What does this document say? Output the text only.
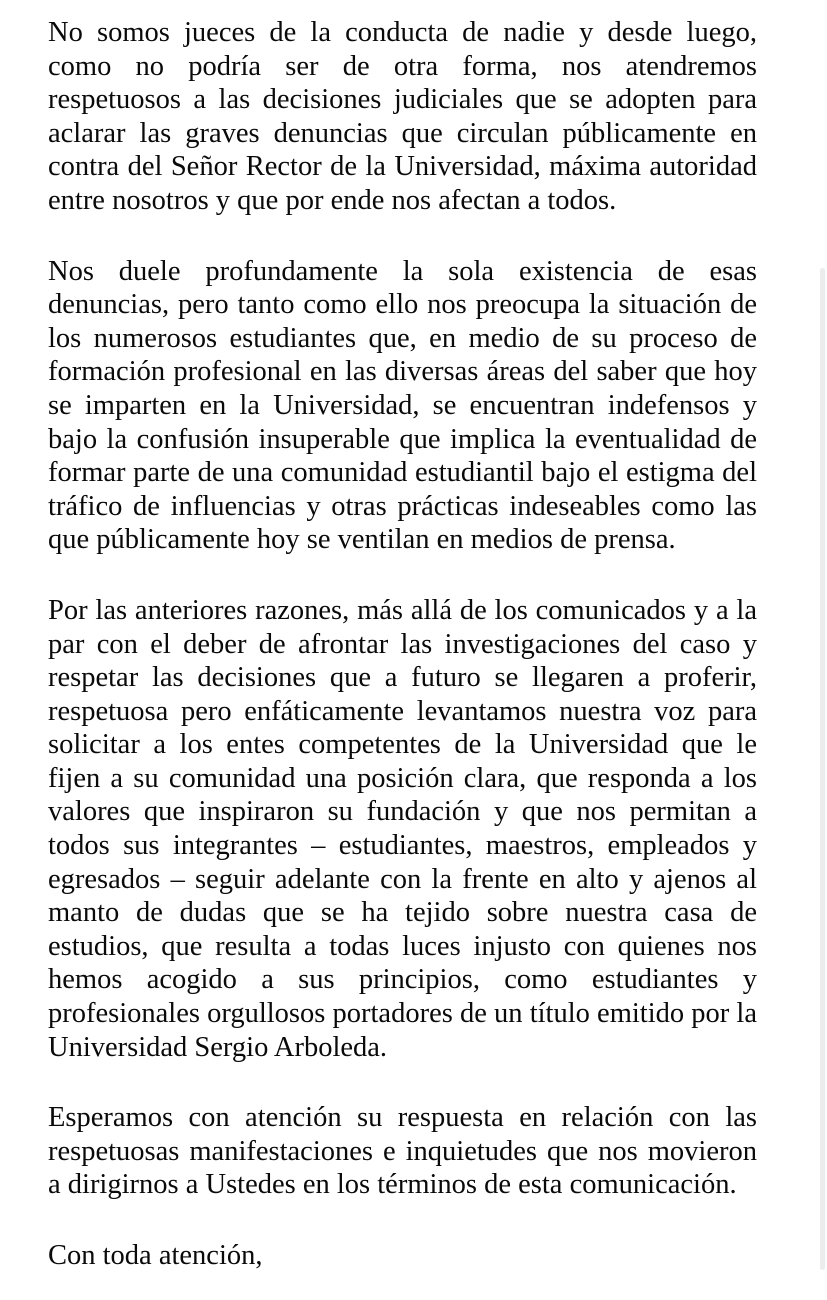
No somos jueces de la conducta de nadie y desde luego, como no podría ser de otra forma, nos atendremos respetuosos a las decisiones judiciales que se adopten para aclarar las graves denuncias que circulan públicamente en contra del Señor Rector de la Universidad, máxima autoridad entre nosotros y que por ende nos afectan a todos.

Nos duele profundamente la sola existencia de esas denuncias, pero tanto como ello nos preocupa la situación de los numerosos estudiantes que, en medio de su proceso de formación profesional en las diversas áreas del saber que hoy se imparten en la Universidad, se encuentran indefensos y bajo la confusión insuperable que implica la eventualidad de formar parte de una comunidad estudiantil bajo el estigma del tráfico de influencias y otras prácticas indeseables como las que públicamente hoy se ventilan en medios de prensa.

Por las anteriores razones, más allá de los comunicados y a la par con el deber de afrontar las investigaciones del caso y respetar las decisiones que a futuro se llegaren a proferir, respetuosa pero enfáticamente levantamos nuestra voz para solicitar a los entes competentes de la Universidad que le fijen a su comunidad una posición clara, que responda a los valores que inspiraron su fundación y que nos permitan a todos sus integrantes – estudiantes, maestros, empleados y egresados – seguir adelante con la frente en alto y ajenos al manto de dudas que se ha tejido sobre nuestra casa de estudios, que resulta a todas luces injusto con quienes nos hemos acogido a sus principios, como estudiantes y profesionales orgullosos portadores de un título emitido por la Universidad Sergio Arboleda.

Esperamos con atención su respuesta en relación con las respetuosas manifestaciones e inquietudes que nos movieron a dirigirnos a Ustedes en los términos de esta comunicación.

Con toda atención,
